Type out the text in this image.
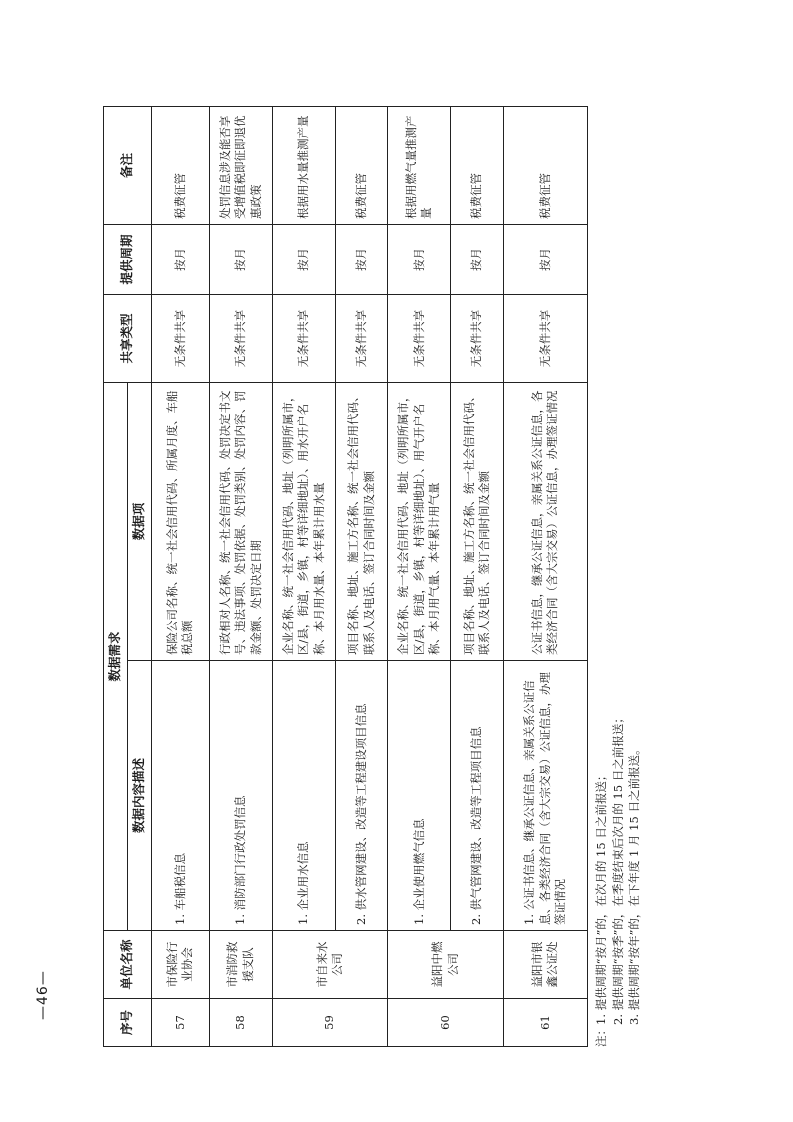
序号	单位名称	数据需求		共享类型	提供周期	备注
		数据内容描述	数据项			
57	市保险行业协会	1. 车船税信息	保险公司名称、统一社会信用代码、所属月度、车船税总额	无条件共享	按月	税费征管
58	市消防救援支队	1. 消防部门行政处罚信息	行政相对人名称、统一社会信用代码、处罚决定书文号、违法事项、处罚依据、处罚类别、处罚内容、罚款金额、处罚决定日期	无条件共享	按月	处罚信息涉及能否享受增值税即征即退优惠政策
59	市自来水公司	1. 企业用水信息	企业名称、统一社会信用代码、地址（列明所属市，区/县，街道，乡镇，村等详细地址）、用水开户名称、本月用水量、本年累计用水量	无条件共享	按月	根据用水量推测产量
		2. 供水管网建设、改造等工程建设项目信息	项目名称、地址、施工方名称、统一社会信用代码、联系人及电话、签订合同时间及金额	无条件共享	按月	税费征管
60	益阳中燃公司	1. 企业使用燃气信息	企业名称、统一社会信用代码、地址（列明所属市，区/县，街道，乡镇，村等详细地址）、用气开户名称、本月用气量、本年累计用气量	无条件共享	按月	根据用燃气量推测产量
		2. 供气管网建设、改造等工程项目信息	项目名称、地址、施工方名称、统一社会信用代码、联系人及电话、签订合同时间及金额	无条件共享	按月	税费征管
61	益阳市银鑫公证处	1. 公证书信息、继承公证信息、亲属关系公证信息、各类经济合同（含大宗交易）公证信息，办理签证情况	公证书信息，继承公证信息，亲属关系公证信息，各类经济合同（含大宗交易）公证信息，办理签证情况	无条件共享	按月	税费征管
注：
1. 提供周期“按月”的，在次月的 15 日之前报送； 2. 提供周期“按季”的，在季度结束后次月的 15 日之前报送； 3. 提供周期“按年”的，在下年度 1 月 15 日之前报送。
—46—
